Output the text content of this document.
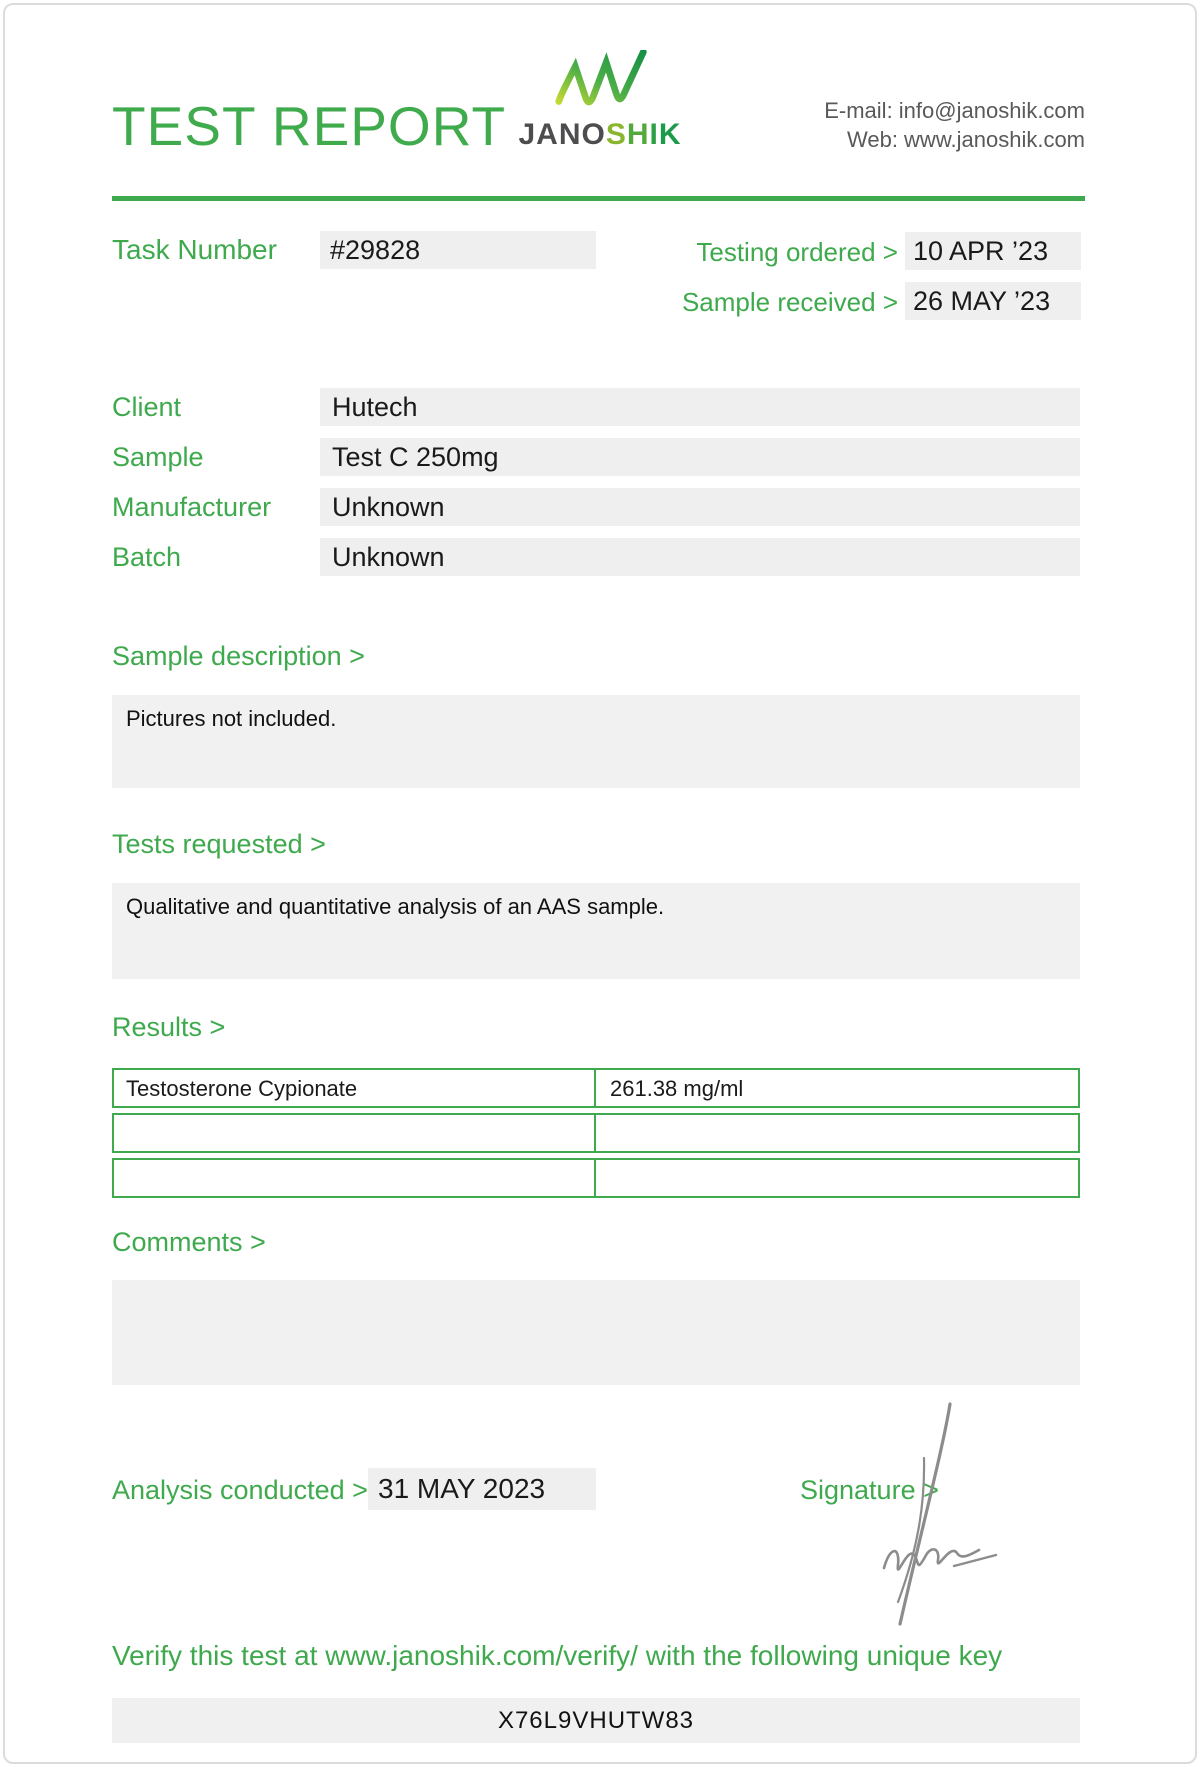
TEST REPORT JANOSHIK
E-mail: info@janoshik.com
Web: www.janoshik.com
Task Number	#29828	Testing ordered > 10 APR ’23
Sample received > 26 MAY ’23
Client	Hutech
Sample	Test C 250mg
Manufacturer	Unknown
Batch	Unknown
Sample description >
Pictures not included.
Tests requested >
Qualitative and quantitative analysis of an AAS sample.
Results >
Testosterone Cypionate	261.38 mg/ml
Comments >
Analysis conducted > 31 MAY 2023	Signature >
Verify this test at www.janoshik.com/verify/ with the following unique key
X76L9VHUTW83
